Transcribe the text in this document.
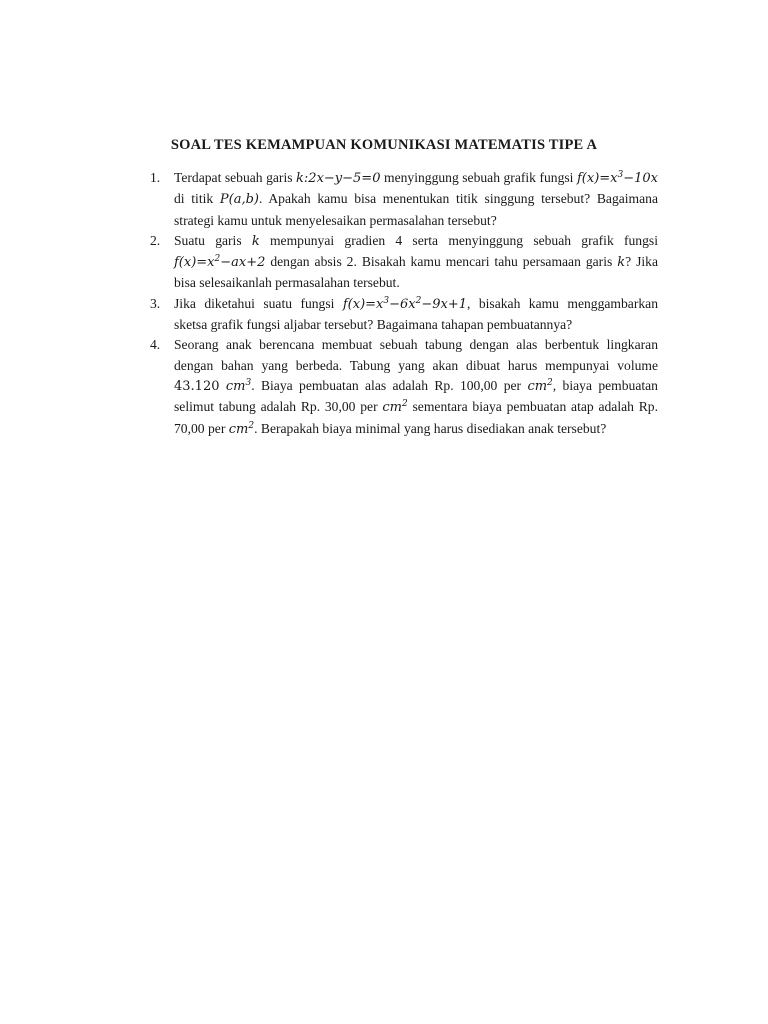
SOAL TES KEMAMPUAN KOMUNIKASI MATEMATIS TIPE A
1. Terdapat sebuah garis k:2x−y−5=0 menyinggung sebuah grafik fungsi $f(x)=x^3-10x$ di titik P(a,b). Apakah kamu bisa menentukan titik singgung tersebut? Bagaimana strategi kamu untuk menyelesaikan permasalahan tersebut?
2. Suatu garis k mempunyai gradien 4 serta menyinggung sebuah grafik fungsi $f(x)=x^2-ax+2$ dengan absis 2. Bisakah kamu mencari tahu persamaan garis k? Jika bisa selesaikanlah permasalahan tersebut.
3. Jika diketahui suatu fungsi $f(x)=x^3-6x^2-9x+1$, bisakah kamu menggambarkan sketsa grafik fungsi aljabar tersebut? Bagaimana tahapan pembuatannya?
4. Seorang anak berencana membuat sebuah tabung dengan alas berbentuk lingkaran dengan bahan yang berbeda. Tabung yang akan dibuat harus mempunyai volume 43.120 $cm^3$. Biaya pembuatan alas adalah Rp. 100,00 per $cm^2$, biaya pembuatan selimut tabung adalah Rp. 30,00 per $cm^2$ sementara biaya pembuatan atap adalah Rp. 70,00 per $cm^2$. Berapakah biaya minimal yang harus disediakan anak tersebut?
